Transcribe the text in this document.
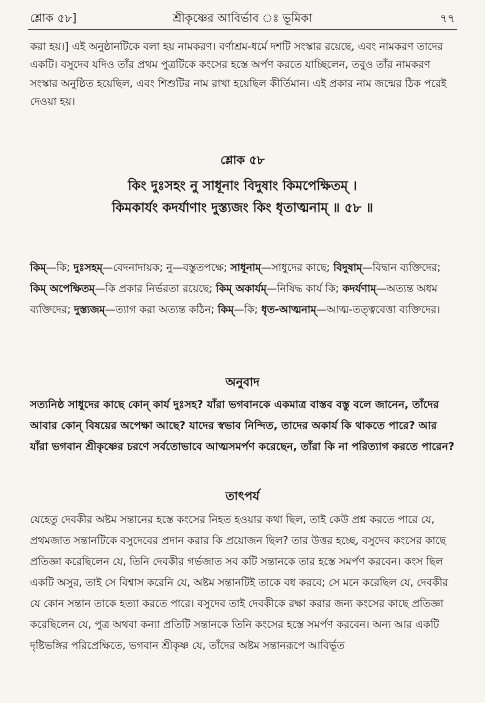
শ্লোক ৫৮]	শ্রীকৃষ্ণের আবির্ভাব ঃ ভূমিকা	৭৭
করা হয়।] এই অনুষ্ঠানটিকে বলা হয় নামকরণ। বর্ণাশ্রম-ধর্মে দশটি সংস্কার রয়েছে, এবং নামকরণ তাদের একটি। বসুদেব যদিও তাঁর প্রথম পুত্রটিকে কংসের হস্তে অর্পণ করতে যাচ্ছিলেন, তবুও তাঁর নামকরণ সংস্কার অনুষ্ঠিত হয়েছিল, এবং শিশুটির নাম রাখা হয়েছিল কীর্তিমান। এই প্রকার নাম জন্মের ঠিক পরেই দেওয়া হয়।
শ্লোক ৫৮
কিং দুঃসহং নু সাধূনাং বিদুষাং কিমপেক্ষিতম্ ।
কিমকার্যং কদর্যাণাং দুস্ত্যজং কিং ধৃতাত্মনাম্ ॥ ৫৮ ॥
কিম্—কি; দুঃসহম্—বেদনাদায়ক; নু—বস্তুতপক্ষে; সাধূনাম্—সাধুদের কাছে; বিদুষাম্—বিদ্বান ব্যক্তিদের; কিম্ অপেক্ষিতম্—কি প্রকার নির্ভরতা রয়েছে; কিম্ অকার্যম্—নিষিদ্ধ কার্য কি; কদর্যণাম্—অত্যন্ত অধম ব্যক্তিদের; দুস্ত্যজম্—ত্যাগ করা অত্যন্ত কঠিন; কিম্—কি; ধৃত-আত্মনাম্—আত্ম-তত্ত্ববেত্তা ব্যক্তিদের।
অনুবাদ
সত্যনিষ্ঠ সাধুদের কাছে কোন্ কার্য দুঃসহ? যাঁরা ভগবানকে একমাত্র বাস্তব বস্তু বলে জানেন, তাঁদের আবার কোন্ বিষয়ের অপেক্ষা আছে? যাদের স্বভাব নিন্দিত, তাদের অকার্য কি থাকতে পারে? আর যাঁরা ভগবান শ্রীকৃষ্ণের চরণে সর্বতোভাবে আত্মসমর্পণ করেছেন, তাঁরা কি না পরিত্যাগ করতে পারেন?
তাৎপর্য
যেহেতু দেবকীর অষ্টম সন্তানের হস্তে কংসের নিহত হওয়ার কথা ছিল, তাই কেউ প্রশ্ন করতে পারে যে, প্রথমজাত সন্তানটিকে বসুদেবের প্রদান করার কি প্রয়োজন ছিল? তার উত্তর হচ্ছে, বসুদেব কংসের কাছে প্রতিজ্ঞা করেছিলেন যে, তিনি দেবকীর গর্ভজাত সব কটি সন্তানকে তার হস্তে সমর্পণ করবেন। কংস ছিল একটি অসুর, তাই সে বিশ্বাস করেনি যে, অষ্টম সন্তানটিই তাকে বধ করবে; সে মনে করেছিল যে, দেবকীর যে কোন সন্তান তাকে হত্যা করতে পারে। বসুদেব তাই দেবকীকে রক্ষা করার জন্য কংসের কাছে প্রতিজ্ঞা করেছিলেন যে, পুত্র অথবা কন্যা প্রতিটি সন্তানকে তিনি কংসের হস্তে সমর্পণ করবেন। অন্য আর একটি দৃষ্টিভঙ্গির পরিপ্রেক্ষিতে, ভগবান শ্রীকৃষ্ণ যে, তাঁদের অষ্টম সন্তানরূপে আবির্ভূত
